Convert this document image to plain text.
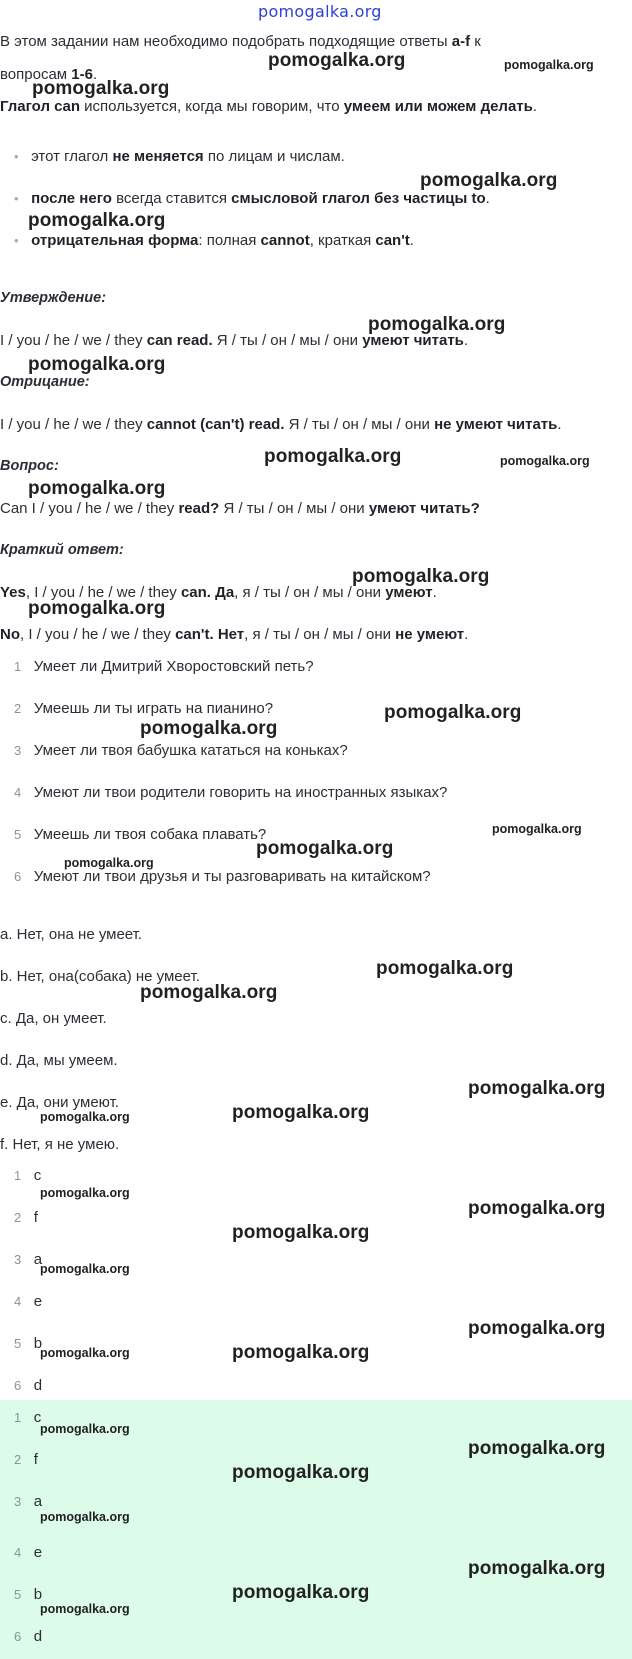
pomogalka.org
В этом задании нам необходимо подобрать подходящие ответы a-f к
вопросам 1-6.
Глагол can используется, когда мы говорим, что умеем или можем делать.
• этот глагол не меняется по лицам и числам.
• после него всегда ставится смысловой глагол без частицы to.
• отрицательная форма: полная cannot, краткая can't.
Утверждение:
I / you / he / we / they can read. Я / ты / он / мы / они умеют читать.
Отрицание:
I / you / he / we / they cannot (can't) read. Я / ты / он / мы / они не умеют читать.
Вопрос:
Can I / you / he / we / they read? Я / ты / он / мы / они умеют читать?
Краткий ответ:
Yes, I / you / he / we / they can. Да, я / ты / он / мы / они умеют.
No, I / you / he / we / they can't. Нет, я / ты / он / мы / они не умеют.
1 Умеет ли Дмитрий Хворостовский петь?
2 Умеешь ли ты играть на пианино?
3 Умеет ли твоя бабушка кататься на коньках?
4 Умеют ли твои родители говорить на иностранных языках?
5 Умеешь ли твоя собака плавать?
6 Умеют ли твои друзья и ты разговаривать на китайском?
a. Нет, она не умеет.
b. Нет, она(собака) не умеет.
c. Да, он умеет.
d. Да, мы умеем.
e. Да, они умеют.
f. Нет, я не умею.
1 c
2 f
3 a
4 e
5 b
6 d
1 c
2 f
3 a
4 e
5 b
6 d
pomogalka.org
pomogalka.org
pomogalka.org
pomogalka.org
pomogalka.org
pomogalka.org
pomogalka.org
pomogalka.org
pomogalka.org
pomogalka.org
pomogalka.org
pomogalka.org
pomogalka.org
pomogalka.org
pomogalka.org
pomogalka.org
pomogalka.org
pomogalka.org
pomogalka.org
pomogalka.org
pomogalka.org
pomogalka.org
pomogalka.org
pomogalka.org
pomogalka.org
pomogalka.org
pomogalka.org
pomogalka.org
pomogalka.org
pomogalka.org
pomogalka.org
pomogalka.org
pomogalka.org
pomogalka.org
pomogalka.org
pomogalka.org
